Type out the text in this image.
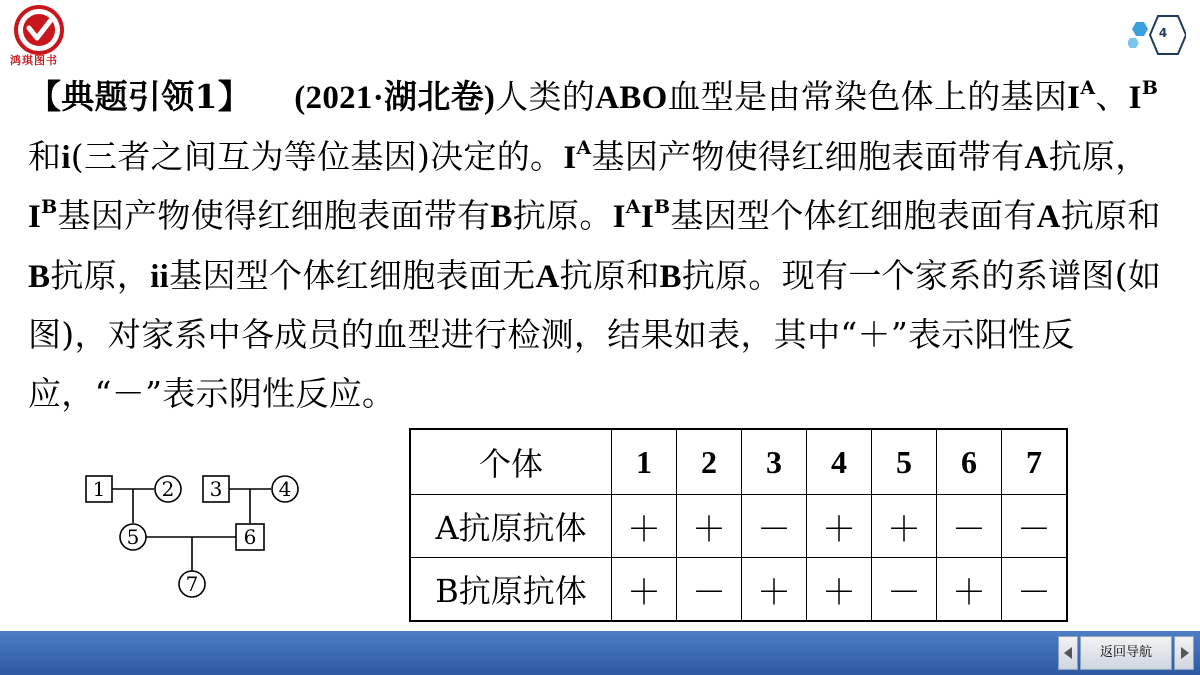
鸿琪图书
4
【典题引领1】 (2021·湖北卷)人类的ABO血型是由常染色体上的基因$I^A$、$I^B$和i(三者之间互为等位基因)决定的。$I^A$基因产物使得红细胞表面带有A抗原，$I^B$基因产物使得红细胞表面带有B抗原。$I^AI^B$基因型个体红细胞表面有A抗原和B抗原，ii基因型个体红细胞表面无A抗原和B抗原。现有一个家系的系谱图(如图)，对家系中各成员的血型进行检测，结果如表，其中“＋”表示阳性反应，“－”表示阴性反应。
1	2 3	4
5	6
7
个体	1	2	3	4	5	6	7
A抗原抗体	＋	＋	－	＋	＋	－	－
B抗原抗体	＋	－	＋	＋	－	＋	－
返回导航
